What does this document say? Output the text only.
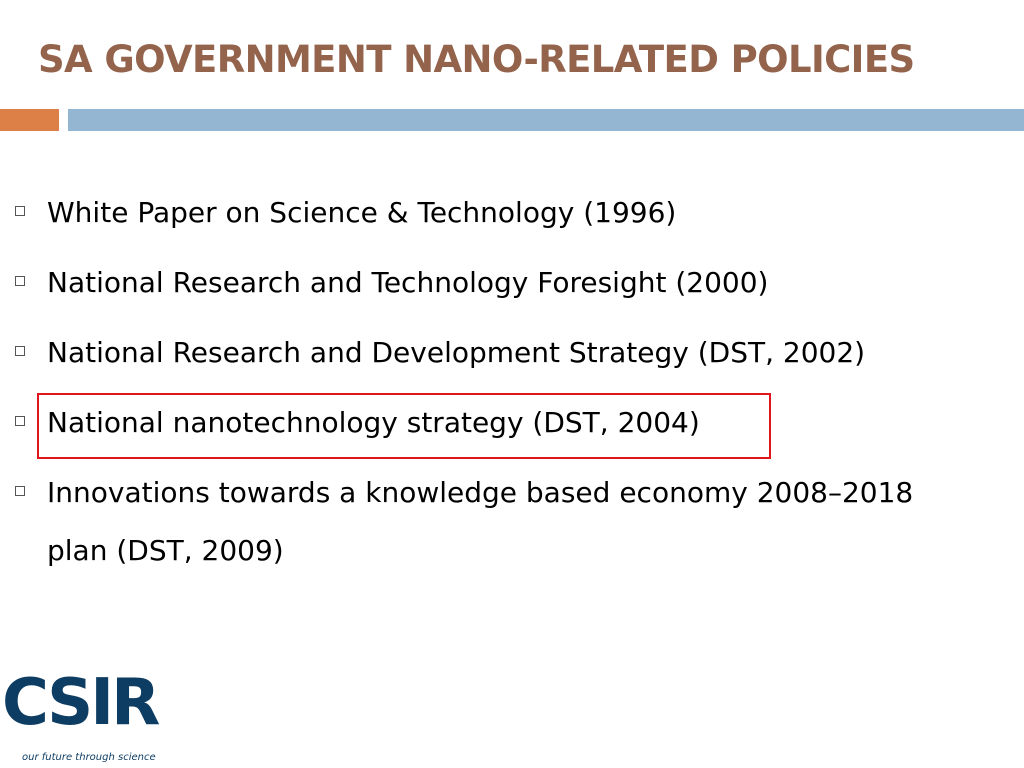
SA GOVERNMENT NANO-RELATED POLICIES
White Paper on Science & Technology (1996)
National Research and Technology Foresight (2000)
National Research and Development Strategy (DST, 2002)
National nanotechnology strategy (DST, 2004)
Innovations towards a knowledge based economy 2008–2018 plan (DST, 2009)
CSIR
our future through science
